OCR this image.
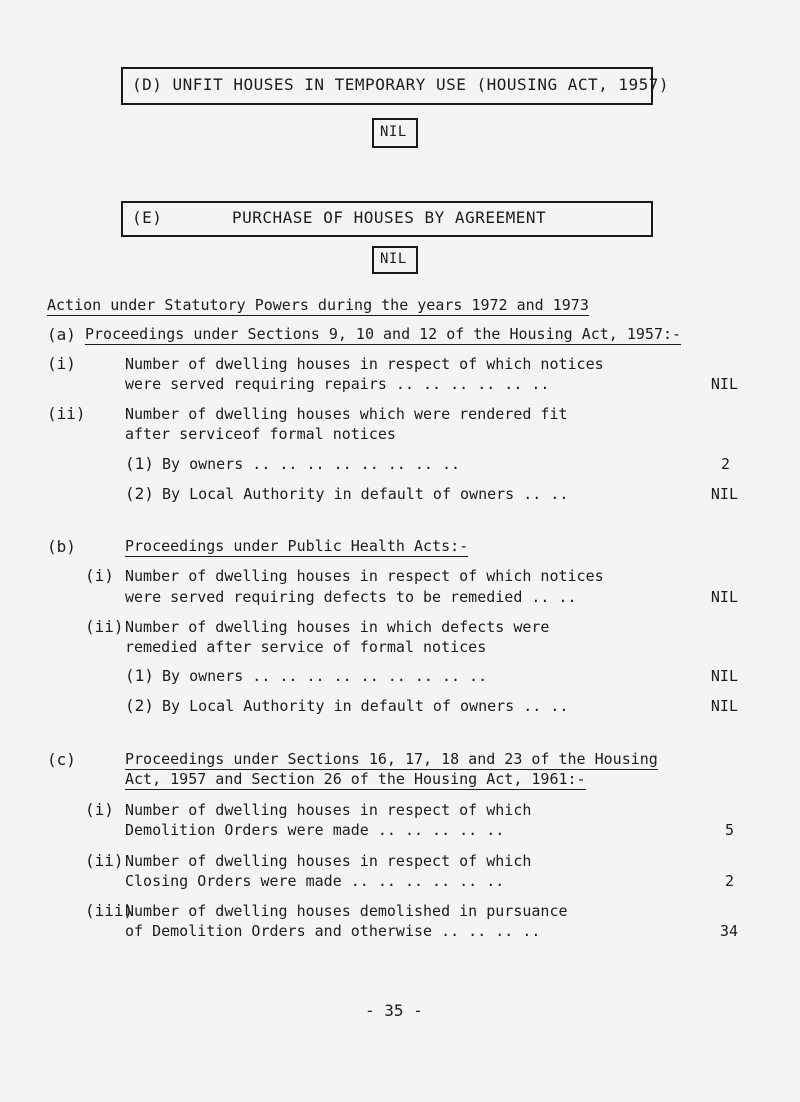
(D) UNFIT HOUSES IN TEMPORARY USE (HOUSING ACT, 1957)
NIL
(E)	PURCHASE OF HOUSES BY AGREEMENT
NIL
Action under Statutory Powers during the years 1972 and 1973
(a) Proceedings under Sections 9, 10 and 12 of the Housing Act, 1957:-
(i)	Number of dwelling houses in respect of which notices
were served requiring repairs .. .. .. .. .. ..	NIL
(ii)	Number of dwelling houses which were rendered fit
after serviceof formal notices
(1) By owners .. .. .. .. .. .. .. ..	2
(2) By Local Authority in default of owners .. ..	NIL
(b)	Proceedings under Public Health Acts:-
(i) Number of dwelling houses in respect of which notices
were served requiring defects to be remedied .. ..	NIL
(ii) Number of dwelling houses in which defects were
remedied after service of formal notices
(1) By owners .. .. .. .. .. .. .. .. ..	NIL
(2) By Local Authority in default of owners .. ..	NIL
(c)	Proceedings under Sections 16, 17, 18 and 23 of the Housing
Act, 1957 and Section 26 of the Housing Act, 1961:-
(i) Number of dwelling houses in respect of which
Demolition Orders were made .. .. .. .. ..	5
(ii) Number of dwelling houses in respect of which
Closing Orders were made .. .. .. .. .. ..	2
(iii)
Number of dwelling houses demolished in pursuance
of Demolition Orders and otherwise .. .. .. ..	34
- 35 -
